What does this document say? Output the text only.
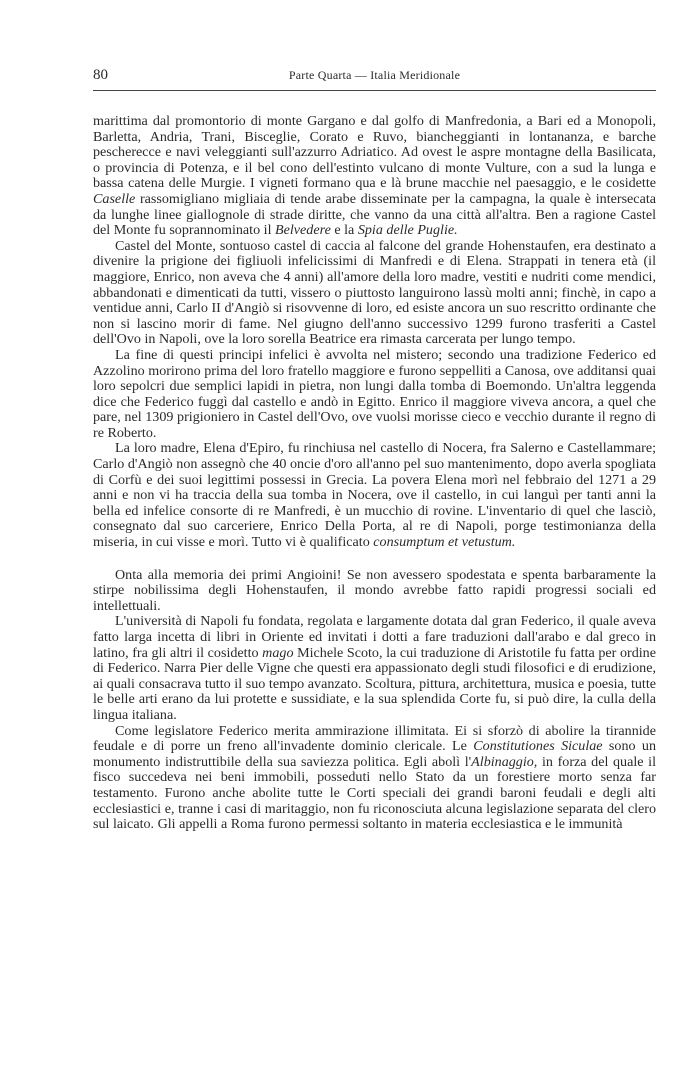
80	Parte Quarta — Italia Meridionale

marittima dal promontorio di monte Gargano e dal golfo di Manfredonia, a Bari ed a Monopoli, Barletta, Andria, Trani, Bisceglie, Corato e Ruvo, biancheggianti in lontananza, e barche pescherecce e navi veleggianti sull'azzurro Adriatico. Ad ovest le aspre montagne della Basilicata, o provincia di Potenza, e il bel cono dell'estinto vulcano di monte Vulture, con a sud la lunga e bassa catena delle Murgie. I vigneti formano qua e là brune macchie nel paesaggio, e le cosidette Caselle rassomigliano migliaia di tende arabe disseminate per la campagna, la quale è intersecata da lunghe linee giallognole di strade diritte, che vanno da una città all'altra. Ben a ragione Castel del Monte fu soprannominato il Belvedere e la Spia delle Puglie.

Castel del Monte, sontuoso castel di caccia al falcone del grande Hohenstaufen, era destinato a divenire la prigione dei figliuoli infelicissimi di Manfredi e di Elena. Strappati in tenera età (il maggiore, Enrico, non aveva che 4 anni) all'amore della loro madre, vestiti e nudriti come mendici, abbandonati e dimenticati da tutti, vissero o piuttosto languirono lassù molti anni; finchè, in capo a ventidue anni, Carlo II d'Angiò si risovvenne di loro, ed esiste ancora un suo rescritto ordinante che non si lascino morir di fame. Nel giugno dell'anno successivo 1299 furono trasferiti a Castel dell'Ovo in Napoli, ove la loro sorella Beatrice era rimasta carcerata per lungo tempo.

La fine di questi principi infelici è avvolta nel mistero; secondo una tradizione Federico ed Azzolino morirono prima del loro fratello maggiore e furono seppelliti a Canosa, ove additansi quai loro sepolcri due semplici lapidi in pietra, non lungi dalla tomba di Boemondo. Un'altra leggenda dice che Federico fuggì dal castello e andò in Egitto. Enrico il maggiore viveva ancora, a quel che pare, nel 1309 prigioniero in Castel dell'Ovo, ove vuolsi morisse cieco e vecchio durante il regno di re Roberto.

La loro madre, Elena d'Epiro, fu rinchiusa nel castello di Nocera, fra Salerno e Castellammare; Carlo d'Angiò non assegnò che 40 oncie d'oro all'anno pel suo mantenimento, dopo averla spogliata di Corfù e dei suoi legittimi possessi in Grecia. La povera Elena morì nel febbraio del 1271 a 29 anni e non vi ha traccia della sua tomba in Nocera, ove il castello, in cui languì per tanti anni la bella ed infelice consorte di re Manfredi, è un mucchio di rovine. L'inventario di quel che lasciò, consegnato dal suo carceriere, Enrico Della Porta, al re di Napoli, porge testimonianza della miseria, in cui visse e morì. Tutto vi è qualificato consumptum et vetustum.

Onta alla memoria dei primi Angioini! Se non avessero spodestata e spenta barbaramente la stirpe nobilissima degli Hohenstaufen, il mondo avrebbe fatto rapidi progressi sociali ed intellettuali.

L'università di Napoli fu fondata, regolata e largamente dotata dal gran Federico, il quale aveva fatto larga incetta di libri in Oriente ed invitati i dotti a fare traduzioni dall'arabo e dal greco in latino, fra gli altri il cosidetto mago Michele Scoto, la cui traduzione di Aristotile fu fatta per ordine di Federico. Narra Pier delle Vigne che questi era appassionato degli studi filosofici e di erudizione, ai quali consacrava tutto il suo tempo avanzato. Scoltura, pittura, architettura, musica e poesia, tutte le belle arti erano da lui protette e sussidiate, e la sua splendida Corte fu, si può dire, la culla della lingua italiana.

Come legislatore Federico merita ammirazione illimitata. Ei si sforzò di abolire la tirannide feudale e di porre un freno all'invadente dominio clericale. Le Constitutiones Siculae sono un monumento indistruttibile della sua saviezza politica. Egli abolì l'Albinaggio, in forza del quale il fisco succedeva nei beni immobili, posseduti nello Stato da un forestiere morto senza far testamento. Furono anche abolite tutte le Corti speciali dei grandi baroni feudali e degli alti ecclesiastici e, tranne i casi di maritaggio, non fu riconosciuta alcuna legislazione separata del clero sul laicato. Gli appelli a Roma furono permessi soltanto in materia ecclesiastica e le immunità
